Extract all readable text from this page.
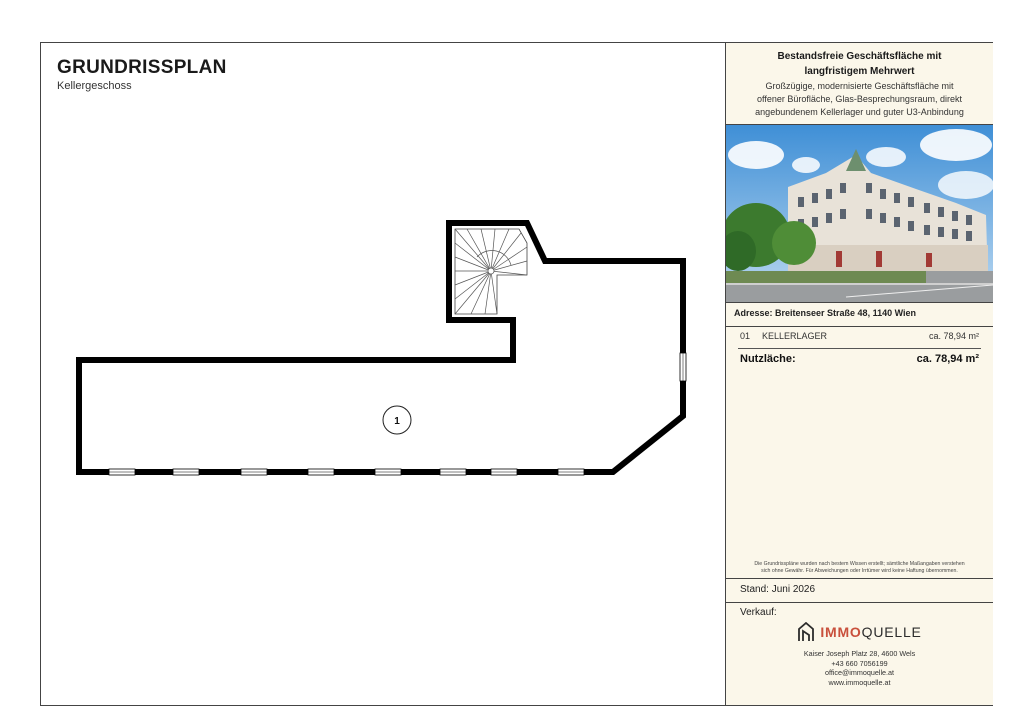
GRUNDRISSPLAN
Kellergeschoss
1
Bestandsfreie Geschäftsfläche mit
langfristigem Mehrwert
Großzügige, modernisierte Geschäftsfläche mit
offener Bürofläche, Glas-Besprechungsraum, direkt
angebundenem Kellerlager und guter U3-Anbindung
Adresse: Breitenseer Straße 48, 1140 Wien
01	KELLERLAGER	ca. 78,94 m²
Nutzläche:	ca. 78,94 m²
Die Grundrisspläne wurden nach bestem Wissen erstellt; sämtliche Maßangaben verstehen
sich ohne Gewähr. Für Abweichungen oder Irrtümer wird keine Haftung übernommen.
Stand: Juni 2026
Verkauf:
IMMOQUELLE
Kaiser Joseph Platz 28, 4600 Wels
+43 660 7056199
office@immoquelle.at
www.immoquelle.at
